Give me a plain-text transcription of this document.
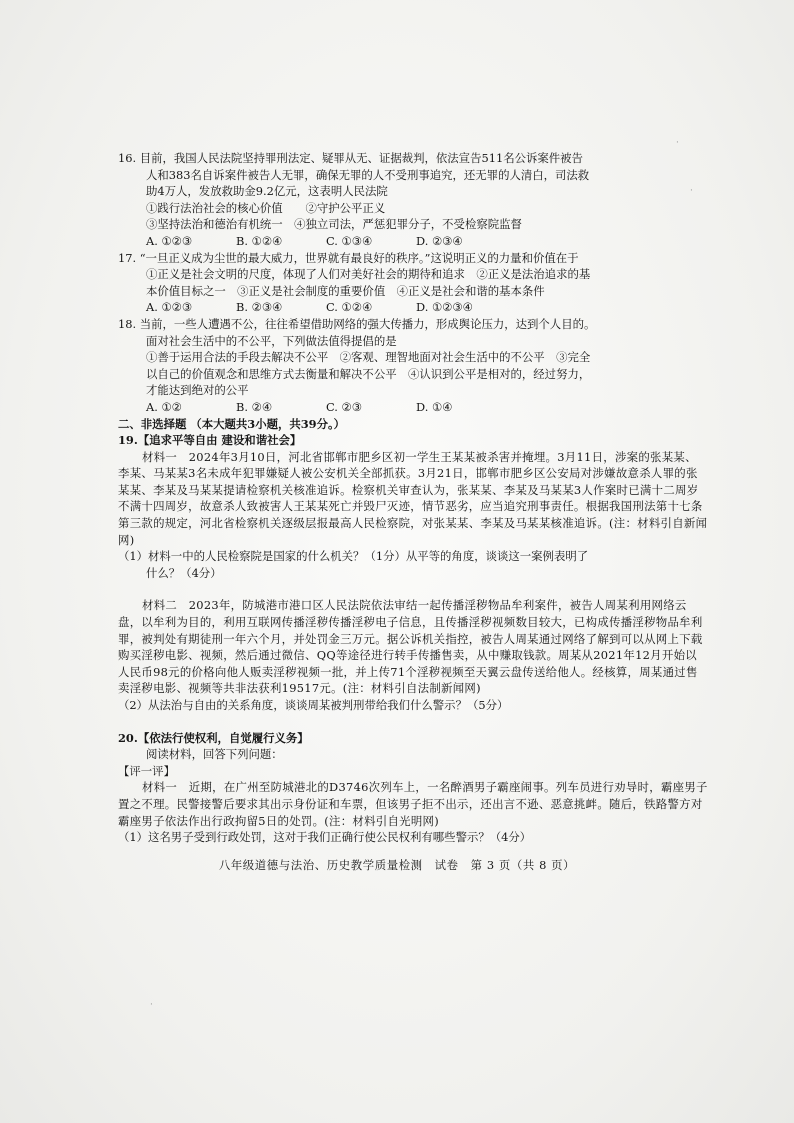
·
·
·

16. 目前，我国人民法院坚持罪刑法定、疑罪从无、证据裁判，依法宣告511名公诉案件被告

人和383名自诉案件被告人无罪，确保无罪的人不受刑事追究，还无罪的人清白，司法救

助4万人，发放救助金9.2亿元，这表明人民法院

①践行法治社会的核心价值　　②守护公平正义

③坚持法治和德治有机统一　④独立司法，严惩犯罪分子，不受检察院监督

A. ①②③	B. ①②④	C. ①③④	D. ②③④

17. “一旦正义成为尘世的最大威力，世界就有最良好的秩序。”这说明正义的力量和价值在于

①正义是社会文明的尺度，体现了人们对美好社会的期待和追求　②正义是法治追求的基

本价值目标之一　③正义是社会制度的重要价值　④正义是社会和谐的基本条件

A. ①②③	B. ②③④	C. ①②④	D. ①②③④

18. 当前，一些人遭遇不公，往往希望借助网络的强大传播力，形成舆论压力，达到个人目的。

面对社会生活中的不公平，下列做法值得提倡的是

①善于运用合法的手段去解决不公平　②客观、理智地面对社会生活中的不公平　③完全

以自己的价值观念和思维方式去衡量和解决不公平　④认识到公平是相对的，经过努力，

才能达到绝对的公平

A. ①②	B. ②④	C. ②③	D. ①④

二、非选择题 （本大题共3小题，共39分。）

19.【追求平等自由 建设和谐社会】

材料一　2024年3月10日，河北省邯郸市肥乡区初一学生王某某被杀害并掩埋。3月11日，涉案的张某某、李某、马某某3名未成年犯罪嫌疑人被公安机关全部抓获。3月21日，邯郸市肥乡区公安局对涉嫌故意杀人罪的张某某、李某及马某某提请检察机关核准追诉。检察机关审查认为，张某某、李某及马某某3人作案时已满十二周岁不满十四周岁，故意杀人致被害人王某某死亡并毁尸灭迹，情节恶劣，应当追究刑事责任。根据我国刑法第十七条第三款的规定，河北省检察机关逐级层报最高人民检察院，对张某某、李某及马某某核准追诉。(注：材料引自新闻网)

（1）材料一中的人民检察院是国家的什么机关？（1分）从平等的角度，谈谈这一案例表明了

什么？（4分）

材料二　2023年，防城港市港口区人民法院依法审结一起传播淫秽物品牟利案件，被告人周某利用网络云盘，以牟利为目的，利用互联网传播淫秽传播淫秽电子信息，且传播淫秽视频数目较大，已构成传播淫秽物品牟利罪，被判处有期徒刑一年六个月，并处罚金三万元。据公诉机关指控，被告人周某通过网络了解到可以从网上下载购买淫秽电影、视频，然后通过微信、QQ等途径进行转手传播售卖，从中赚取钱款。周某从2021年12月开始以人民币98元的价格向他人贩卖淫秽视频一批，并上传71个淫秽视频至天翼云盘传送给他人。经核算，周某通过售卖淫秽电影、视频等共非法获利19517元。(注：材料引自法制新闻网)

（2）从法治与自由的关系角度，谈谈周某被判刑带给我们什么警示？（5分）

20.【依法行使权利，自觉履行义务】

阅读材料，回答下列问题：

【评一评】

材料一　近期，在广州至防城港北的D3746次列车上，一名醉酒男子霸座闹事。列车员进行劝导时，霸座男子置之不理。民警接警后要求其出示身份证和车票，但该男子拒不出示，还出言不逊、恶意挑衅。随后，铁路警方对霸座男子依法作出行政拘留5日的处罚。(注：材料引自光明网)

（1）这名男子受到行政处罚，这对于我们正确行使公民权利有哪些警示？（4分）

八年级道德与法治、历史教学质量检测　试卷　第 3 页（共 8 页）
